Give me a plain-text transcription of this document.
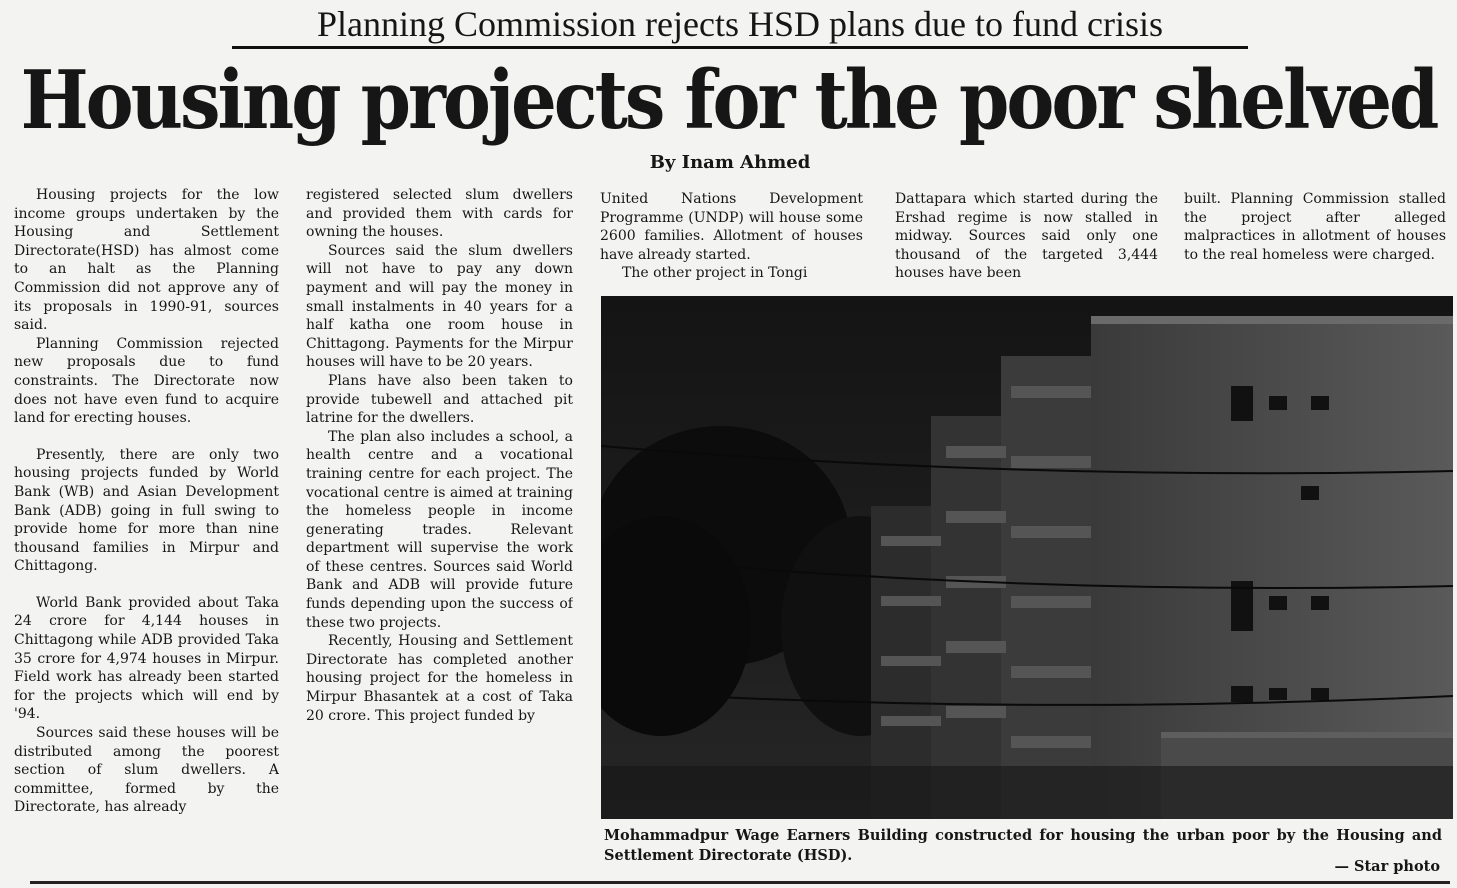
Planning Commission rejects HSD plans due to fund crisis
Housing projects for the poor shelved
By Inam Ahmed

Housing projects for the low income groups undertaken by the Housing and Settlement Directorate(HSD) has almost come to an halt as the Planning Commission did not approve any of its proposals in 1990-91, sources said.

Planning Commission rejected new proposals due to fund constraints. The Directorate now does not have even fund to acquire land for erecting houses.

Presently, there are only two housing projects funded by World Bank (WB) and Asian Development Bank (ADB) going in full swing to provide home for more than nine thousand families in Mirpur and Chittagong.

World Bank provided about Taka 24 crore for 4,144 houses in Chittagong while ADB provided Taka 35 crore for 4,974 houses in Mirpur. Field work has already been started for the projects which will end by '94.

Sources said these houses will be distributed among the poorest section of slum dwellers. A committee, formed by the Directorate, has already

registered selected slum dwellers and provided them with cards for owning the houses.

Sources said the slum dwellers will not have to pay any down payment and will pay the money in small instalments in 40 years for a half katha one room house in Chittagong. Payments for the Mirpur houses will have to be 20 years.

Plans have also been taken to provide tubewell and attached pit latrine for the dwellers.

The plan also includes a school, a health centre and a vocational training centre for each project. The vocational centre is aimed at training the homeless people in income generating trades. Relevant department will supervise the work of these centres. Sources said World Bank and ADB will provide future funds depending upon the success of these two projects.

Recently, Housing and Settlement Directorate has completed another housing project for the homeless in Mirpur Bhasantek at a cost of Taka 20 crore. This project funded by

United Nations Development Programme (UNDP) will house some 2600 families. Allotment of houses have already started.

The other project in Tongi

Dattapara which started during the Ershad regime is now stalled in midway. Sources said only one thousand of the targeted 3,444 houses have been

built. Planning Commission stalled the project after alleged malpractices in allotment of houses to the real homeless were charged.

Mohammadpur Wage Earners Building constructed for housing the urban poor by the Housing and Settlement Directorate (HSD).
— Star photo
